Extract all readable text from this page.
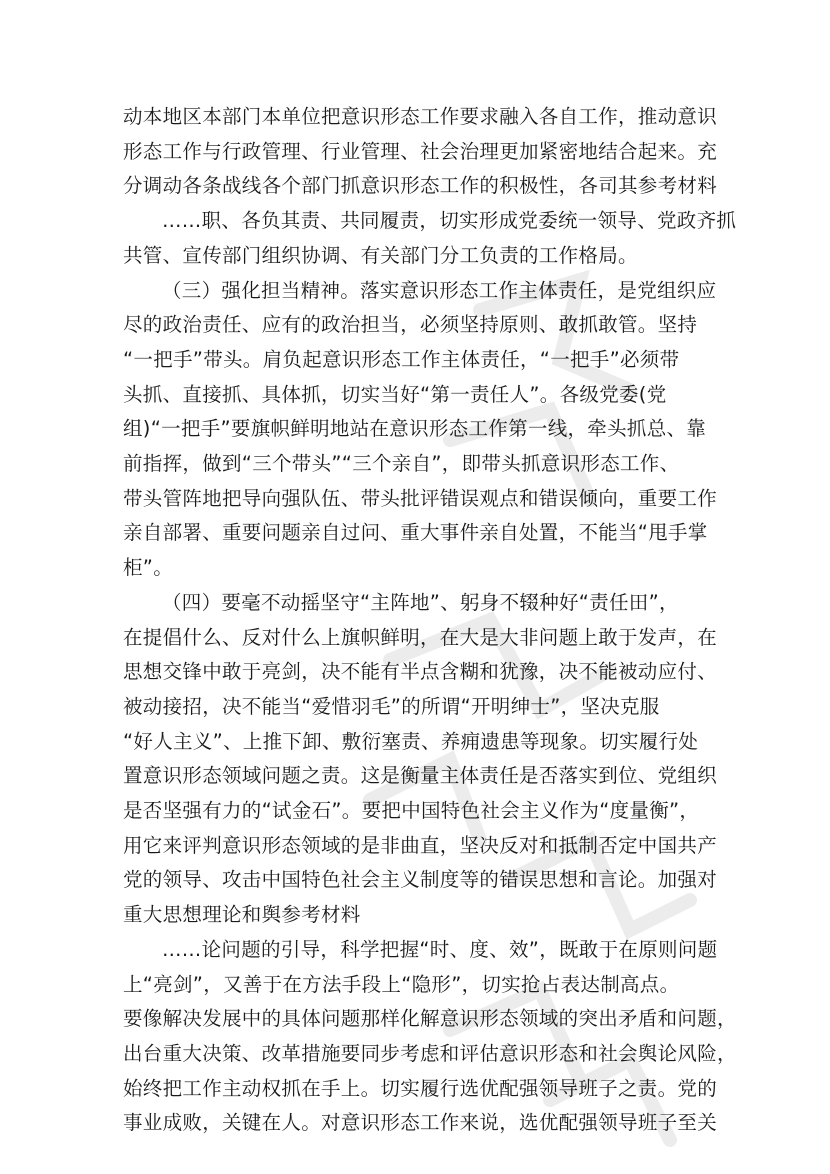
动本地区本部门本单位把意识形态工作要求融入各自工作，推动意识
形态工作与行政管理、行业管理、社会治理更加紧密地结合起来。充
分调动各条战线各个部门抓意识形态工作的积极性，各司其参考材料
……职、各负其责、共同履责，切实形成党委统一领导、党政齐抓
共管、宣传部门组织协调、有关部门分工负责的工作格局。
（三）强化担当精神。落实意识形态工作主体责任，是党组织应
尽的政治责任、应有的政治担当，必须坚持原则、敢抓敢管。坚持
“一把手”带头。肩负起意识形态工作主体责任，“一把手”必须带
头抓、直接抓、具体抓，切实当好“第一责任人”。各级党委(党
组)“一把手”要旗帜鲜明地站在意识形态工作第一线，牵头抓总、靠
前指挥，做到“三个带头”“三个亲自”，即带头抓意识形态工作、
带头管阵地把导向强队伍、带头批评错误观点和错误倾向，重要工作
亲自部署、重要问题亲自过问、重大事件亲自处置，不能当“甩手掌
柜”。
（四）要毫不动摇坚守“主阵地”、躬身不辍种好“责任田”，
在提倡什么、反对什么上旗帜鲜明，在大是大非问题上敢于发声，在
思想交锋中敢于亮剑，决不能有半点含糊和犹豫，决不能被动应付、
被动接招，决不能当“爱惜羽毛”的所谓“开明绅士”，坚决克服
“好人主义”、上推下卸、敷衍塞责、养痈遗患等现象。切实履行处
置意识形态领域问题之责。这是衡量主体责任是否落实到位、党组织
是否坚强有力的“试金石”。要把中国特色社会主义作为“度量衡”，
用它来评判意识形态领域的是非曲直，坚决反对和抵制否定中国共产
党的领导、攻击中国特色社会主义制度等的错误思想和言论。加强对
重大思想理论和舆参考材料
……论问题的引导，科学把握“时、度、效”，既敢于在原则问题
上“亮剑”，又善于在方法手段上“隐形”，切实抢占表达制高点。
要像解决发展中的具体问题那样化解意识形态领域的突出矛盾和问题，
出台重大决策、改革措施要同步考虑和评估意识形态和社会舆论风险，
始终把工作主动权抓在手上。切实履行选优配强领导班子之责。党的
事业成败，关键在人。对意识形态工作来说，选优配强领导班子至关
